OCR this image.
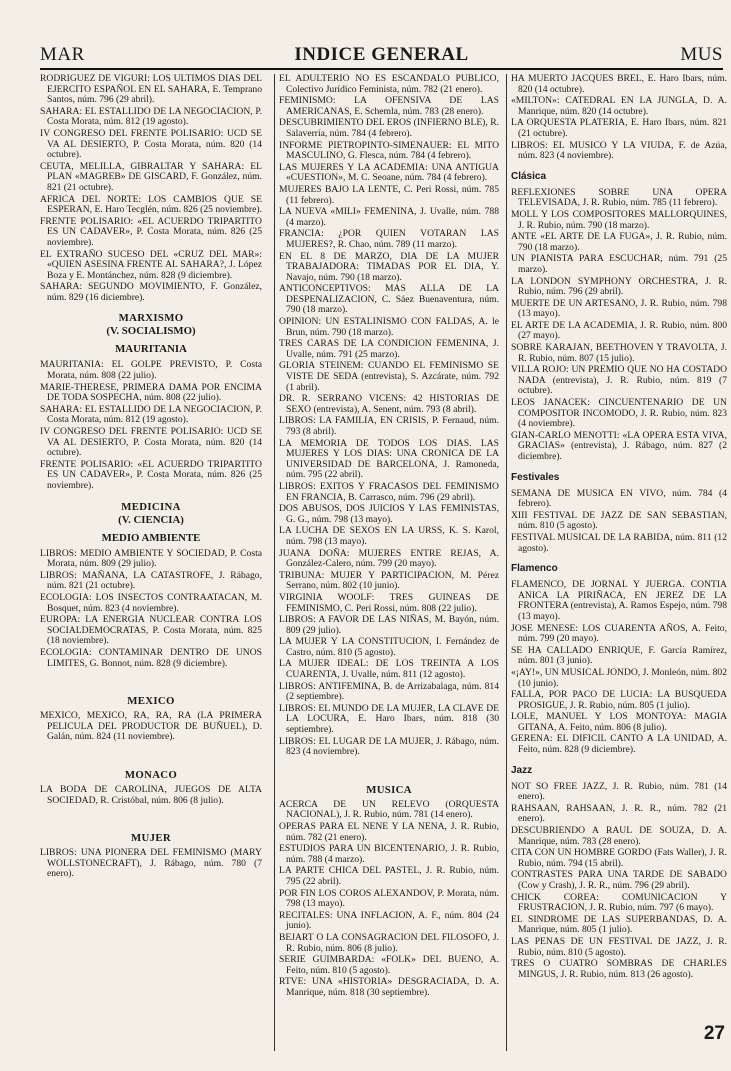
MAR	INDICE GENERAL	MUS

RODRIGUEZ DE VIGURI: LOS ULTIMOS DIAS DEL EJERCITO ESPAÑOL EN EL SAHARA, E. Temprano Santos, núm. 796 (29 abril).

SAHARA: EL ESTALLIDO DE LA NEGOCIACION, P. Costa Morata, núm. 812 (19 agosto).

IV CONGRESO DEL FRENTE POLISARIO: UCD SE VA AL DESIERTO, P. Costa Morata, núm. 820 (14 octubre).

CEUTA, MELILLA, GIBRALTAR Y SAHARA: EL PLAN «MAGREB» DE GISCARD, F. González, núm. 821 (21 octubre).

AFRICA DEL NORTE: LOS CAMBIOS QUE SE ESPERAN, E. Haro Tecglén, núm. 826 (25 noviembre).

FRENTE POLISARIO: «EL ACUERDO TRIPARTITO ES UN CADAVER», P. Costa Morata, núm. 826 (25 noviembre).

EL EXTRAÑO SUCESO DEL «CRUZ DEL MAR»: «QUIEN ASESINA FRENTE AL SAHARA?, J. López Boza y E. Montánchez, núm. 828 (9 diciembre).

SAHARA: SEGUNDO MOVIMIENTO, F. González, núm. 829 (16 diciembre).

MARXISMO
(V. SOCIALISMO)
MAURITANIA

MAURITANIA: EL GOLPE PREVISTO, P. Costa Morata, núm. 808 (22 julio).

MARIE-THERESE, PRIMERA DAMA POR ENCIMA DE TODA SOSPECHA, núm. 808 (22 julio).

SAHARA: EL ESTALLIDO DE LA NEGOCIACION, P. Costa Morata, núm. 812 (19 agosto).

IV CONGRESO DEL FRENTE POLISARIO: UCD SE VA AL DESIERTO, P. Costa Morata, núm. 820 (14 octubre).

FRENTE POLISARIO: «EL ACUERDO TRIPARTITO ES UN CADAVER», P. Costa Morata, núm. 826 (25 noviembre).

MEDICINA
(V. CIENCIA)
MEDIO AMBIENTE

LIBROS: MEDIO AMBIENTE Y SOCIEDAD, P. Costa Morata, núm. 809 (29 julio).

LIBROS: MAÑANA, LA CATASTROFE, J. Rábago, núm. 821 (21 octubre).

ECOLOGIA: LOS INSECTOS CONTRAATACAN, M. Bosquet, núm. 823 (4 noviembre).

EUROPA: LA ENERGIA NUCLEAR CONTRA LOS SOCIALDEMOCRATAS, P. Costa Morata, núm. 825 (18 noviembre).

ECOLOGIA: CONTAMINAR DENTRO DE UNOS LIMITES, G. Bonnot, núm. 828 (9 diciembre).

MEXICO

MEXICO, MEXICO, RA, RA, RA (LA PRIMERA PELICULA DEL PRODUCTOR DE BUÑUEL), D. Galán, núm. 824 (11 noviembre).

MONACO

LA BODA DE CAROLINA, JUEGOS DE ALTA SOCIEDAD, R. Cristóbal, núm. 806 (8 julio).

MUJER

LIBROS: UNA PIONERA DEL FEMINISMO (MARY WOLLSTONECRAFT), J. Rábago, núm. 780 (7 enero).

EL ADULTERIO NO ES ESCANDALO PUBLICO, Colectivo Jurídico Feminista, núm. 782 (21 enero).

FEMINISMO: LA OFENSIVA DE LAS AMERICANAS, E. Schemla, núm. 783 (28 enero).

DESCUBRIMIENTO DEL EROS (INFIERNO BLE), R. Salaverría, núm. 784 (4 febrero).

INFORME PIETROPINTO-SIMENAUER: EL MITO MASCULINO, G. Flesca, núm. 784 (4 febrero).

LAS MUJERES Y LA ACADEMIA: UNA ANTIGUA «CUESTION», M. C. Seoane, núm. 784 (4 febrero).

MUJERES BAJO LA LENTE, C. Peri Rossi, núm. 785 (11 febrero).

LA NUEVA «MILI» FEMENINA, J. Uvalle, núm. 788 (4 marzo).

FRANCIA: ¿POR QUIEN VOTARAN LAS MUJERES?, R. Chao, núm. 789 (11 marzo).

EN EL 8 DE MARZO, DIA DE LA MUJER TRABAJADORA: TIMADAS POR EL DIA, Y. Navajo, núm. 790 (18 marzo).

ANTICONCEPTIVOS: MAS ALLA DE LA DESPENALIZACION, C. Sáez Buenaventura, núm. 790 (18 marzo).

OPINION: UN ESTALINISMO CON FALDAS, A. le Brun, núm. 790 (18 marzo).

TRES CARAS DE LA CONDICION FEMENINA, J. Uvalle, núm. 791 (25 marzo).

GLORIA STEINEM: CUANDO EL FEMINISMO SE VISTE DE SEDA (entrevista), S. Azcárate, núm. 792 (1 abril).

DR. R. SERRANO VICENS: 42 HISTORIAS DE SEXO (entrevista), A. Senent, núm. 793 (8 abril).

LIBROS: LA FAMILIA, EN CRISIS, P. Fernaud, núm. 793 (8 abril).

LA MEMORIA DE TODOS LOS DIAS. LAS MUJERES Y LOS DIAS: UNA CRONICA DE LA UNIVERSIDAD DE BARCELONA, J. Ramoneda, núm. 795 (22 abril).

LIBROS: EXITOS Y FRACASOS DEL FEMINISMO EN FRANCIA, B. Carrasco, núm. 796 (29 abril).

DOS ABUSOS, DOS JUICIOS Y LAS FEMINISTAS, G. G., núm. 798 (13 mayo).

LA LUCHA DE SEXOS EN LA URSS, K. S. Karol, núm. 798 (13 mayo).

JUANA DOÑA: MUJERES ENTRE REJAS, A. González-Calero, núm. 799 (20 mayo).

TRIBUNA: MUJER Y PARTICIPACION, M. Pérez Serrano, núm. 802 (10 junio).

VIRGINIA WOOLF: TRES GUINEAS DE FEMINISMO, C. Peri Rossi, núm. 808 (22 julio).

LIBROS: A FAVOR DE LAS NIÑAS, M. Bayón, núm. 809 (29 julio).

LA MUJER Y LA CONSTITUCION, I. Fernández de Castro, núm. 810 (5 agosto).

LA MUJER IDEAL: DE LOS TREINTA A LOS CUARENTA, J. Uvalle, núm. 811 (12 agosto).

LIBROS: ANTIFEMINA, B. de Arrizabalaga, núm. 814 (2 septiembre).

LIBROS: EL MUNDO DE LA MUJER, LA CLAVE DE LA LOCURA, E. Haro Ibars, núm. 818 (30 septiembre).

LIBROS: EL LUGAR DE LA MUJER, J. Rábago, núm. 823 (4 noviembre).

MUSICA

ACERCA DE UN RELEVO (ORQUESTA NACIONAL), J. R. Rubio, núm. 781 (14 enero).

OPERAS PARA EL NENE Y LA NENA, J. R. Rubio, núm. 782 (21 enero).

ESTUDIOS PARA UN BICENTENARIO, J. R. Rubio, núm. 788 (4 marzo).

LA PARTE CHICA DEL PASTEL, J. R. Rubio, núm. 795 (22 abril).

POR FIN LOS COROS ALEXANDOV, P. Morata, núm. 798 (13 mayo).

RECITALES: UNA INFLACION, A. F., núm. 804 (24 junio).

BEJART O LA CONSAGRACION DEL FILOSOFO, J. R. Rubio, núm. 806 (8 julio).

SERIE GUIMBARDA: «FOLK» DEL BUENO, A. Feito, núm. 810 (5 agosto).

RTVE: UNA «HISTORIA» DESGRACIADA, D. A. Manrique, núm. 818 (30 septiembre).

HA MUERTO JACQUES BREL, E. Haro Ibars, núm. 820 (14 octubre).

«MILTON»: CATEDRAL EN LA JUNGLA, D. A. Manrique, núm. 820 (14 octubre).

LA ORQUESTA PLATERIA, E. Haro Ibars, núm. 821 (21 octubre).

LIBROS: EL MUSICO Y LA VIUDA, F. de Azúa, núm. 823 (4 noviembre).

Clásica

REFLEXIONES SOBRE UNA OPERA TELEVISADA, J. R. Rubio, núm. 785 (11 febrero).

MOLL Y LOS COMPOSITORES MALLORQUINES, J. R. Rubio, núm. 790 (18 marzo).

ANTE «EL ARTE DE LA FUGA», J. R. Rubio, núm. 790 (18 marzo).

UN PIANISTA PARA ESCUCHAR, núm. 791 (25 marzo).

LA LONDON SYMPHONY ORCHESTRA, J. R. Rubio, núm. 796 (29 abril).

MUERTE DE UN ARTESANO, J. R. Rubio, núm. 798 (13 mayo).

EL ARTE DE LA ACADEMIA, J. R. Rubio, núm. 800 (27 mayo).

SOBRE KARAJAN, BEETHOVEN Y TRAVOLTA, J. R. Rubio, núm. 807 (15 julio).

VILLA ROJO: UN PREMIO QUE NO HA COSTADO NADA (entrevista), J. R. Rubio, núm. 819 (7 octubre).

LEOS JANACEK: CINCUENTENARIO DE UN COMPOSITOR INCOMODO, J. R. Rubio, núm. 823 (4 noviembre).

GIAN-CARLO MENOTTI: «LA OPERA ESTA VIVA, GRACIAS» (entrevista), J. Rábago, núm. 827 (2 diciembre).

Festivales

SEMANA DE MUSICA EN VIVO, núm. 784 (4 febrero).

XIII FESTIVAL DE JAZZ DE SAN SEBASTIAN, núm. 810 (5 agosto).

FESTIVAL MUSICAL DE LA RABIDA, núm. 811 (12 agosto).

Flamenco

FLAMENCO, DE JORNAL Y JUERGA. CONTIA ANICA LA PIRIÑACA, EN JEREZ DE LA FRONTERA (entrevista), A. Ramos Espejo, núm. 798 (13 mayo).

JOSE MENESE: LOS CUARENTA AÑOS, A. Feito, núm. 799 (20 mayo).

SE HA CALLADO ENRIQUE, F. García Ramírez, núm. 801 (3 junio).

«¡AY!», UN MUSICAL JONDO, J. Monleón, núm. 802 (10 junio).

FALLA, POR PACO DE LUCIA: LA BUSQUEDA PROSIGUE, J. R. Rubio, núm. 805 (1 julio).

LOLE, MANUEL Y LOS MONTOYA: MAGIA GITANA, A. Feito, núm. 806 (8 julio).

GERENA: EL DIFICIL CANTO A LA UNIDAD, A. Feito, núm. 828 (9 diciembre).

Jazz

NOT SO FREE JAZZ, J. R. Rubio, núm. 781 (14 enero).

RAHSAAN, RAHSAAN, J. R. R., núm. 782 (21 enero).

DESCUBRIENDO A RAUL DE SOUZA, D. A. Manrique, núm. 783 (28 enero).

CITA CON UN HOMBRE GORDO (Fats Waller), J. R. Rubio, núm. 794 (15 abril).

CONTRASTES PARA UNA TARDE DE SABADO (Cow y Crash), J. R. R., núm. 796 (29 abril).

CHICK COREA: COMUNICACION Y FRUSTRACION, J. R. Rubio, núm. 797 (6 mayo).

EL SINDROME DE LAS SUPERBANDAS, D. A. Manrique, núm. 805 (1 julio).

LAS PENAS DE UN FESTIVAL DE JAZZ, J. R. Rubio, núm. 810 (5 agosto).

TRES O CUATRO SOMBRAS DE CHARLES MINGUS, J. R. Rubio, núm. 813 (26 agosto).

27
